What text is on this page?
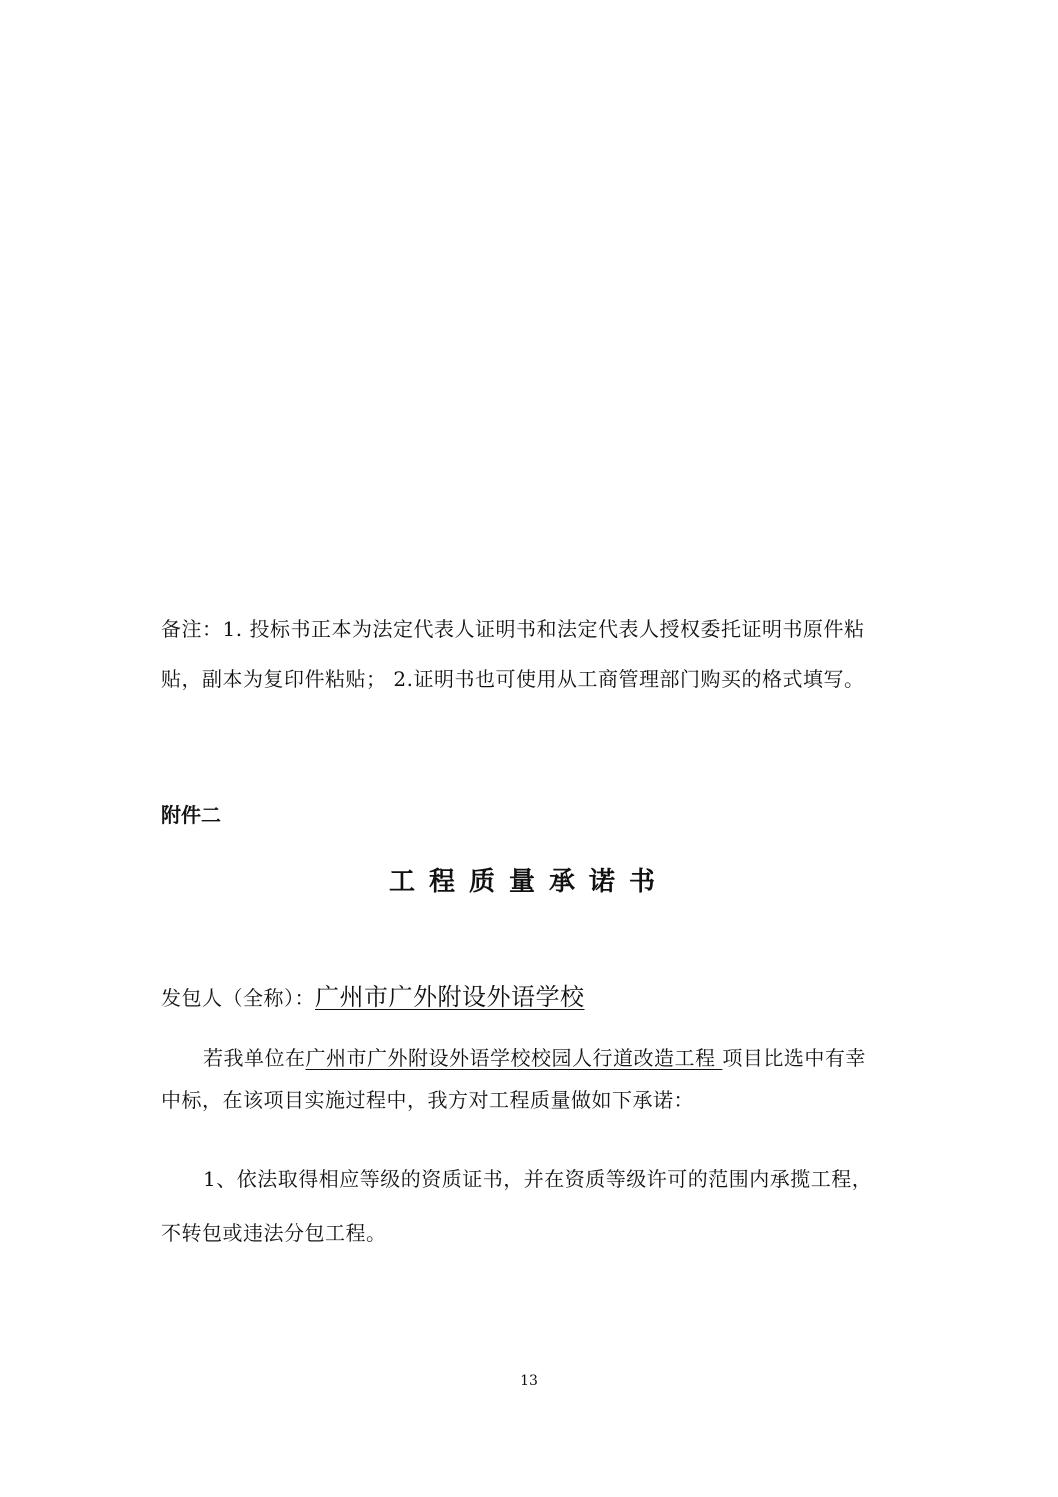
备注：1. 投标书正本为法定代表人证明书和法定代表人授权委托证明书原件粘
贴，副本为复印件粘贴； 2.证明书也可使用从工商管理部门购买的格式填写。
附件二
工程质量承诺书
发包人（全称）：广州市广外附设外语学校
若我单位在广州市广外附设外语学校校园人行道改造工程 项目比选中有幸
中标，在该项目实施过程中，我方对工程质量做如下承诺：
1、依法取得相应等级的资质证书，并在资质等级许可的范围内承揽工程，
不转包或违法分包工程。
13
